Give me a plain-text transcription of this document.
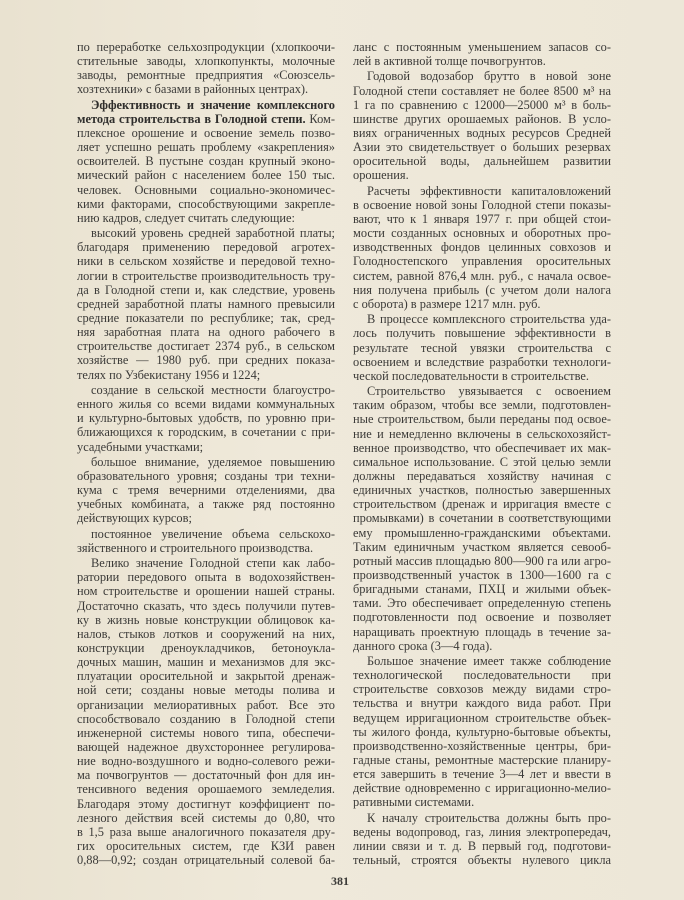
по переработке сельхозпродукции (хлопкоочи-
стительные заводы, хлопкопункты, молочные
заводы, ремонтные предприятия «Союзсель-
хозтехники» с базами в районных центрах).
Эффективность и значение комплексного
метода строительства в Голодной степи. Ком-
плексное орошение и освоение земель позво-
ляет успешно решать проблему «закрепления»
освоителей. В пустыне создан крупный эконо-
мический район с населением более 150 тыс.
человек. Основными социально-экономичес-
кими факторами, способствующими закрепле-
нию кадров, следует считать следующие:
высокий уровень средней заработной платы;
благодаря применению передовой агротех-
ники в сельском хозяйстве и передовой техно-
логии в строительстве производительность тру-
да в Голодной степи и, как следствие, уровень
средней заработной платы намного превысили
средние показатели по республике; так, сред-
няя заработная плата на одного рабочего в
строительстве достигает 2374 руб., в сельском
хозяйстве — 1980 руб. при средних показа-
телях по Узбекистану 1956 и 1224;
создание в сельской местности благоустро-
енного жилья со всеми видами коммунальных
и культурно-бытовых удобств, по уровню при-
ближающихся к городским, в сочетании с при-
усадебными участками;
большое внимание, уделяемое повышению
образовательного уровня; созданы три техни-
кума с тремя вечерними отделениями, два
учебных комбината, а также ряд постоянно
действующих курсов;
постоянное увеличение объема сельскохо-
зяйственного и строительного производства.
Велико значение Голодной степи как лабо-
ратории передового опыта в водохозяйствен-
ном строительстве и орошении нашей страны.
Достаточно сказать, что здесь получили путев-
ку в жизнь новые конструкции облицовок ка-
налов, стыков лотков и сооружений на них,
конструкции дреноукладчиков, бетоноукла-
дочных машин, машин и механизмов для экс-
плуатации оросительной и закрытой дренаж-
ной сети; созданы новые методы полива и
организации мелиоративных работ. Все это
способствовало созданию в Голодной степи
инженерной системы нового типа, обеспечи-
вающей надежное двухстороннее регулирова-
ние водно-воздушного и водно-солевого режи-
ма почвогрунтов — достаточный фон для ин-
тенсивного ведения орошаемого земледелия.
Благодаря этому достигнут коэффициент по-
лезного действия всей системы до 0,80, что
в 1,5 раза выше аналогичного показателя дру-
гих оросительных систем, где КЗИ равен
0,88—0,92; создан отрицательный солевой ба-
ланс с постоянным уменьшением запасов со-
лей в активной толще почвогрунтов.
Годовой водозабор брутто в новой зоне
Голодной степи составляет не более 8500 м³ на
1 га по сравнению с 12000—25000 м³ в боль-
шинстве других орошаемых районов. В усло-
виях ограниченных водных ресурсов Средней
Азии это свидетельствует о больших резервах
оросительной воды, дальнейшем развитии
орошения.
Расчеты эффективности капиталовложений
в освоение новой зоны Голодной степи показы-
вают, что к 1 января 1977 г. при общей стои-
мости созданных основных и оборотных про-
изводственных фондов целинных совхозов и
Голодностепского управления оросительных
систем, равной 876,4 млн. руб., с начала освое-
ния получена прибыль (с учетом доли налога
с оборота) в размере 1217 млн. руб.
В процессе комплексного строительства уда-
лось получить повышение эффективности в
результате тесной увязки строительства с
освоением и вследствие разработки технологи-
ческой последовательности в строительстве.
Строительство увязывается с освоением
таким образом, чтобы все земли, подготовлен-
ные строительством, были переданы под освое-
ние и немедленно включены в сельскохозяйст-
венное производство, что обеспечивает их мак-
симальное использование. С этой целью земли
должны передаваться хозяйству начиная с
единичных участков, полностью завершенных
строительством (дренаж и ирригация вместе с
промывками) в сочетании в соответствующими
ему промышленно-гражданскими объектами.
Таким единичным участком является севооб-
ротный массив площадью 800—900 га или агро-
производственный участок в 1300—1600 га с
бригадными станами, ПХЦ и жилыми объек-
тами. Это обеспечивает определенную степень
подготовленности под освоение и позволяет
наращивать проектную площадь в течение за-
данного срока (3—4 года).
Большое значение имеет также соблюдение
технологической последовательности при
строительстве совхозов между видами стро-
тельства и внутри каждого вида работ. При
ведущем ирригационном строительстве объек-
ты жилого фонда, культурно-бытовые объекты,
производственно-хозяйственные центры, бри-
гадные станы, ремонтные мастерские планиру-
ется завершить в течение 3—4 лет и ввести в
действие одновременно с ирригационно-мелио-
ративными системами.
К началу строительства должны быть про-
ведены водопровод, газ, линия электропередач,
линии связи и т. д. В первый год, подготови-
тельный, строятся объекты нулевого цикла
381
